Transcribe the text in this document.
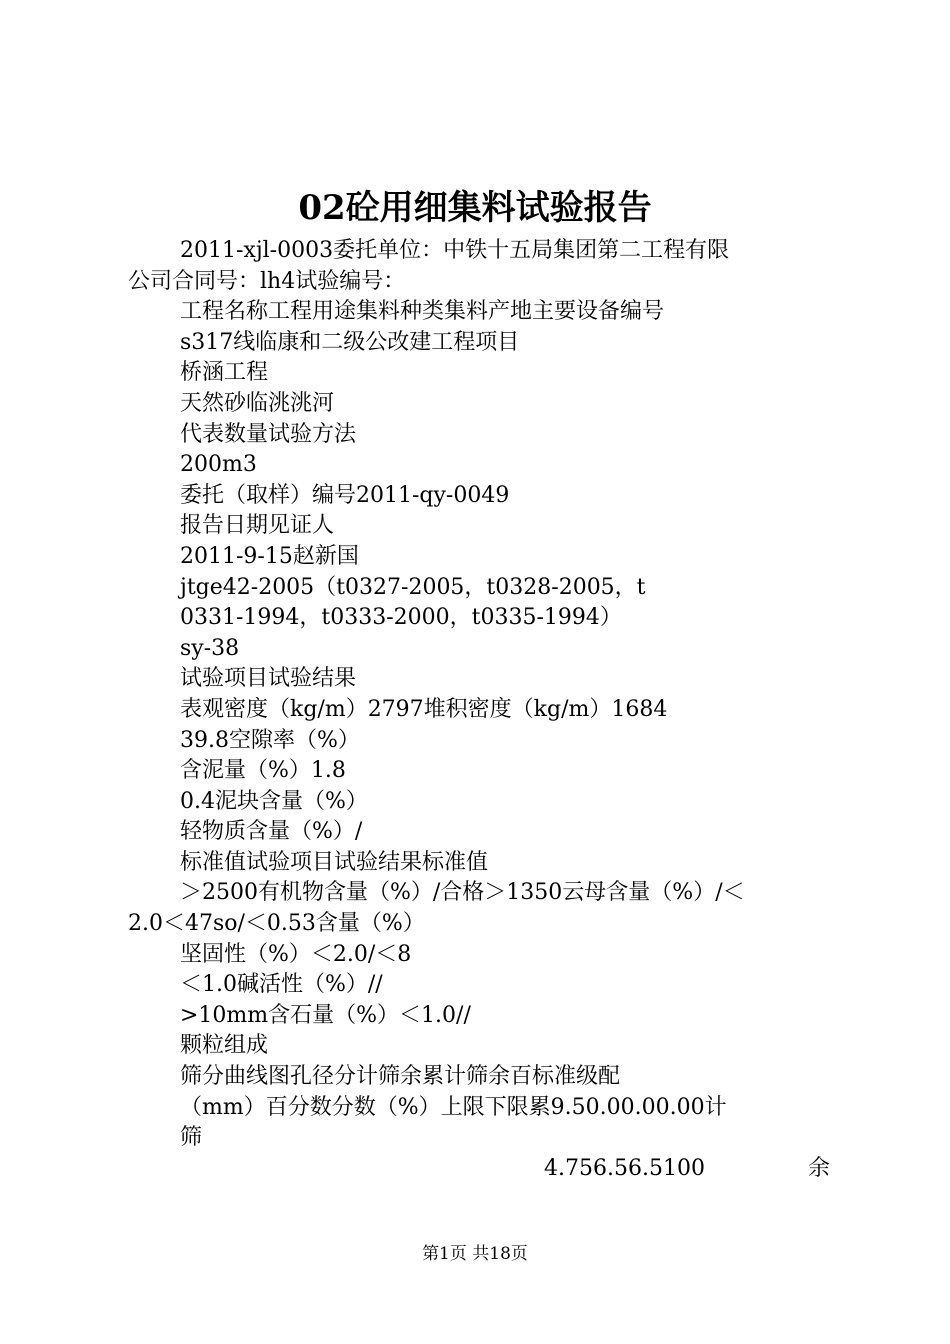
02砼用细集料试验报告
2011-xjl-0003委托单位：中铁十五局集团第二工程有限
公司合同号：lh4试验编号：
工程名称工程用途集料种类集料产地主要设备编号
s317线临康和二级公改建工程项目
桥涵工程
天然砂临洮洮河
代表数量试验方法
200m3
委托（取样）编号2011-qy-0049
报告日期见证人
2011-9-15赵新国
jtge42-2005（t0327-2005，t0328-2005，t
0331-1994，t0333-2000，t0335-1994）
sy-38
试验项目试验结果
表观密度（kg/m）2797堆积密度（kg/m）1684
39.8空隙率（%）
含泥量（%）1.8
0.4泥块含量（%）
轻物质含量（%）/
标准值试验项目试验结果标准值
＞2500有机物含量（%）/合格＞1350云母含量（%）/＜
2.0＜47so/＜0.53含量（%）
坚固性（%）＜2.0/＜8
＜1.0碱活性（%）//
>10mm含石量（%）＜1.0//
颗粒组成
筛分曲线图孔径分计筛余累计筛余百标准级配
（mm）百分数分数（%）上限下限累9.50.00.00.00计
筛
4.756.56.5100	余
第1页 共18页
